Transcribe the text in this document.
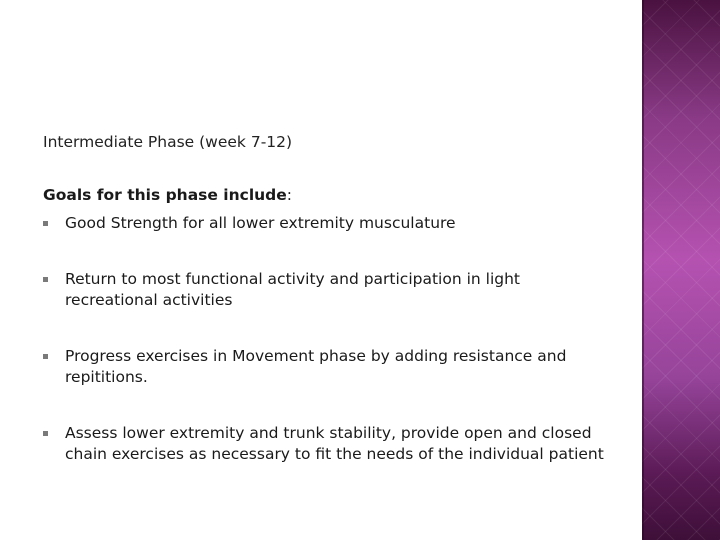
Intermediate Phase (week 7-12)

Goals for this phase include:

Good Strength for all lower extremity musculature
Return to most functional activity and participation in light recreational activities
Progress exercises in Movement phase by adding resistance and repititions.
Assess lower extremity and trunk stability, provide open and closed chain exercises as necessary to fit the needs of the individual patient
